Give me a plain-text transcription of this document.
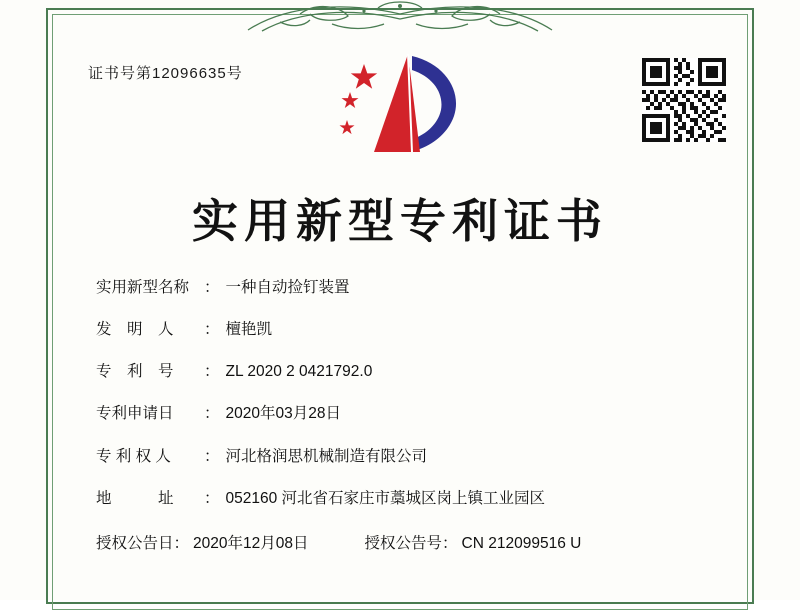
证书号第12096635号
实用新型专利证书
实用新型名称 ： 一种自动捡钉装置
发　明　人	： 檀艳凯
专　利　号	： ZL 2020 2 0421792.0
专利申请日	： 2020年03月28日
专 利 权 人	： 河北格润思机械制造有限公司
地　　　址	： 052160 河北省石家庄市藁城区岗上镇工业园区
授权公告日 ： 2020年12月08日	授权公告号 ： CN 212099516 U
